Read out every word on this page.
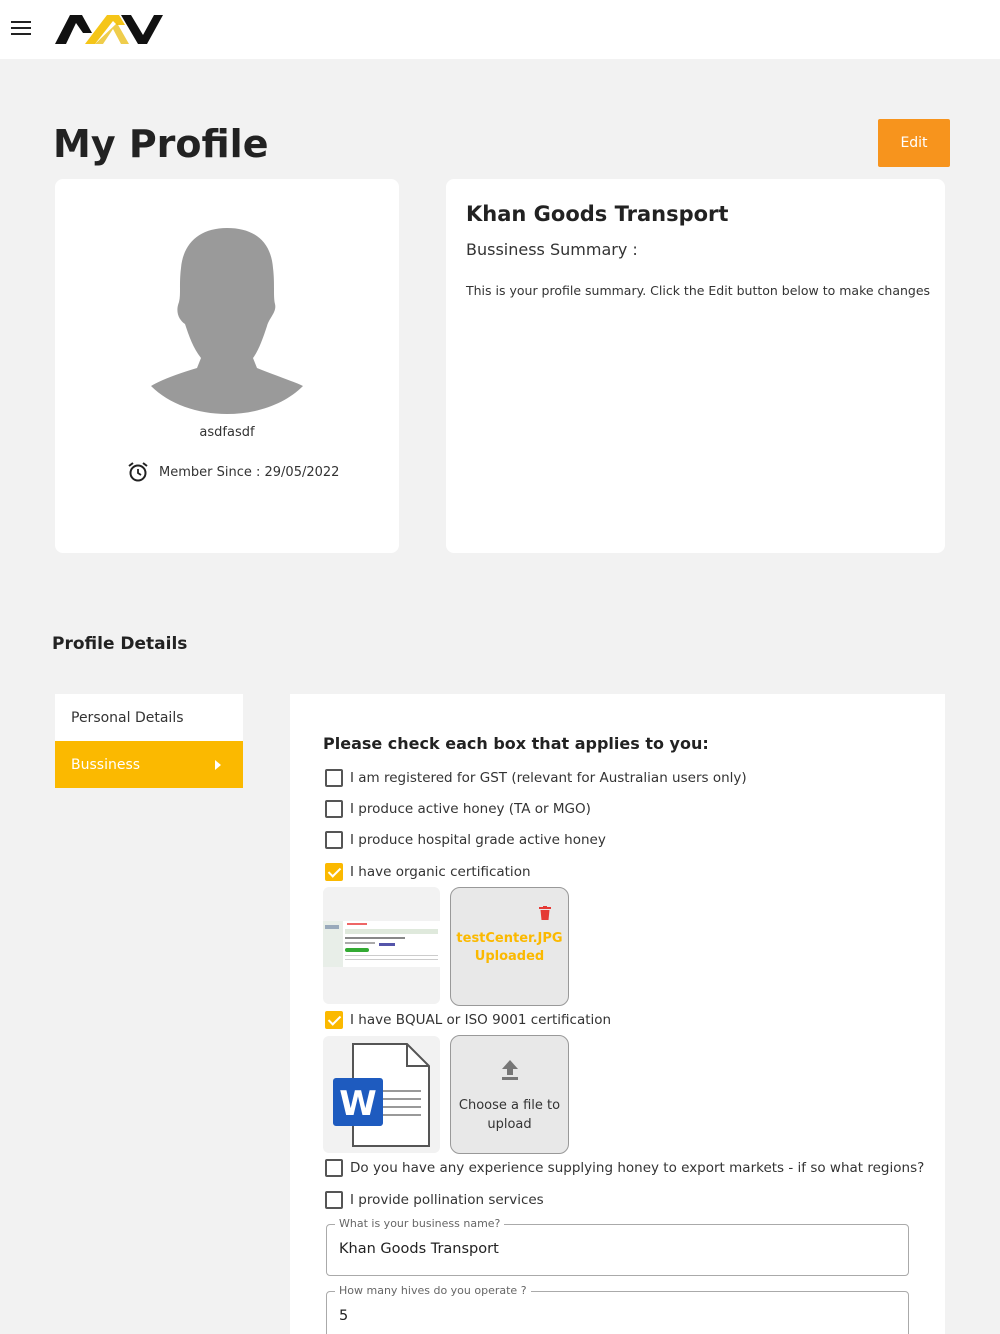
My Profile	Edit
asdfasdf
Member Since : 29/05/2022
Khan Goods Transport
Bussiness Summary :
This is your profile summary. Click the Edit button below to make changes
Profile Details
Personal Details
Bussiness
Please check each box that applies to you:
I am registered for GST (relevant for Australian users only)
I produce active honey (TA or MGO)
I produce hospital grade active honey
I have organic certification
testCenter.JPG
Uploaded
I have BQUAL or ISO 9001 certification
W	Choose a file to upload
Do you have any experience supplying honey to export markets - if so what regions?
I provide pollination services
What is your business name?
Khan Goods Transport
How many hives do you operate ?
5
